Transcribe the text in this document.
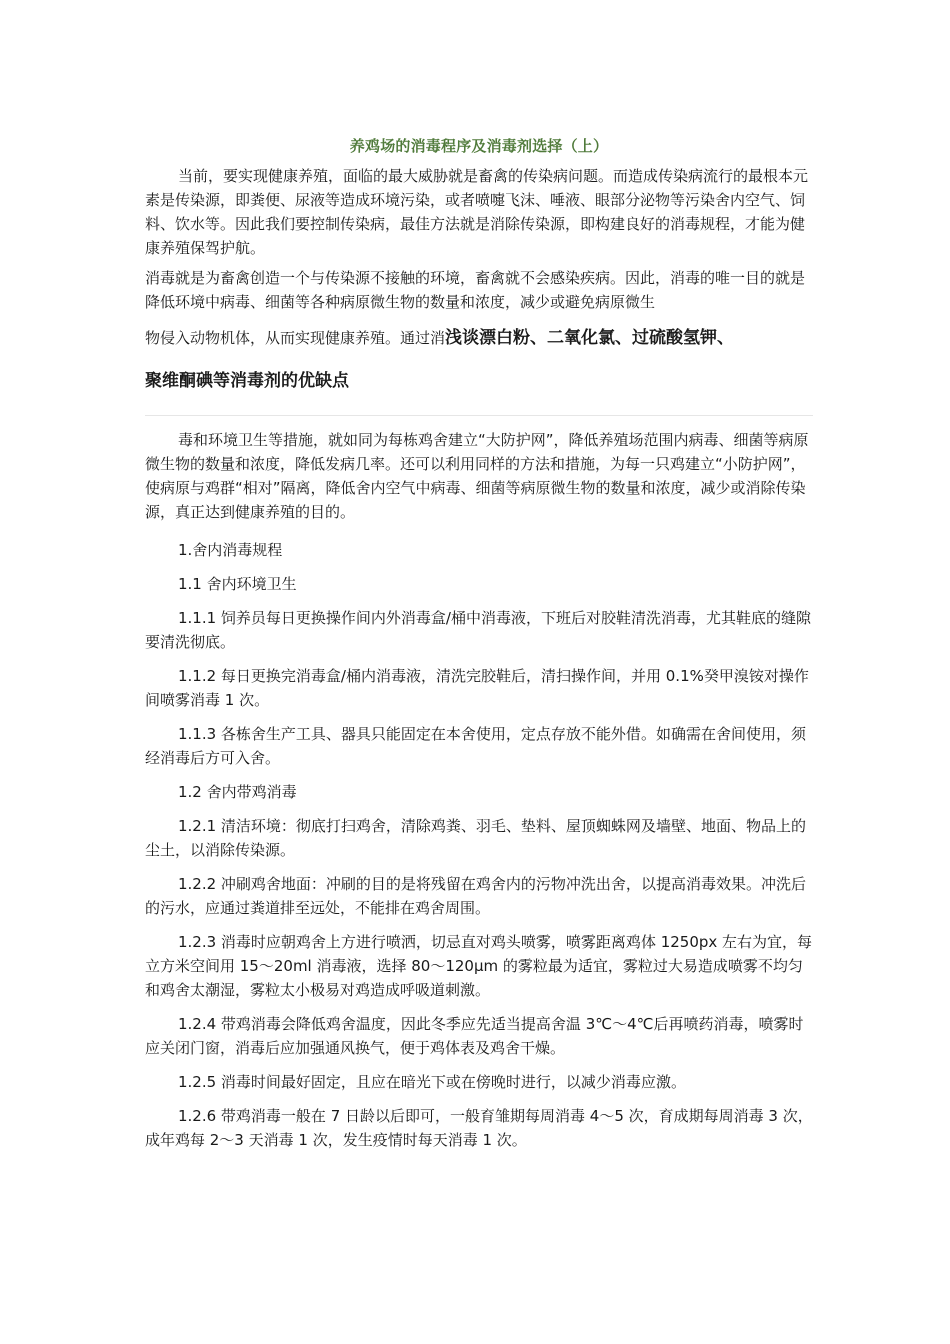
养鸡场的消毒程序及消毒剂选择（上）

当前，要实现健康养殖，面临的最大威胁就是畜禽的传染病问题。而造成传染病流行的最根本元素是传染源，即粪便、尿液等造成环境污染，或者喷嚏飞沫、唾液、眼部分泌物等污染舍内空气、饲料、饮水等。因此我们要控制传染病，最佳方法就是消除传染源，即构建良好的消毒规程，才能为健康养殖保驾护航。

消毒就是为畜禽创造一个与传染源不接触的环境，畜禽就不会感染疾病。因此，消毒的唯一目的就是降低环境中病毒、细菌等各种病原微生物的数量和浓度，减少或避免病原微生

物侵入动物机体，从而实现健康养殖。通过消浅谈漂白粉、二氧化氯、过硫酸氢钾、

聚维酮碘等消毒剂的优缺点

毒和环境卫生等措施，就如同为每栋鸡舍建立“大防护网”，降低养殖场范围内病毒、细菌等病原微生物的数量和浓度，降低发病几率。还可以利用同样的方法和措施，为每一只鸡建立“小防护网”，使病原与鸡群“相对”隔离，降低舍内空气中病毒、细菌等病原微生物的数量和浓度，减少或消除传染源，真正达到健康养殖的目的。

1.舍内消毒规程

1.1 舍内环境卫生

1.1.1 饲养员每日更换操作间内外消毒盒/桶中消毒液，下班后对胶鞋清洗消毒，尤其鞋底的缝隙要清洗彻底。

1.1.2 每日更换完消毒盒/桶内消毒液，清洗完胶鞋后，清扫操作间，并用 0.1%癸甲溴铵对操作间喷雾消毒 1 次。

1.1.3 各栋舍生产工具、器具只能固定在本舍使用，定点存放不能外借。如确需在舍间使用，须经消毒后方可入舍。

1.2 舍内带鸡消毒

1.2.1 清洁环境：彻底打扫鸡舍，清除鸡粪、羽毛、垫料、屋顶蜘蛛网及墙壁、地面、物品上的尘土，以消除传染源。

1.2.2 冲刷鸡舍地面：冲刷的目的是将残留在鸡舍内的污物冲洗出舍，以提高消毒效果。冲洗后的污水，应通过粪道排至远处，不能排在鸡舍周围。

1.2.3 消毒时应朝鸡舍上方进行喷洒，切忌直对鸡头喷雾，喷雾距离鸡体 1250px 左右为宜，每立方米空间用 15～20ml 消毒液，选择 80～120μm 的雾粒最为适宜，雾粒过大易造成喷雾不均匀和鸡舍太潮湿，雾粒太小极易对鸡造成呼吸道刺激。

1.2.4 带鸡消毒会降低鸡舍温度，因此冬季应先适当提高舍温 3℃～4℃后再喷药消毒，喷雾时应关闭门窗，消毒后应加强通风换气，便于鸡体表及鸡舍干燥。

1.2.5 消毒时间最好固定，且应在暗光下或在傍晚时进行，以减少消毒应激。

1.2.6 带鸡消毒一般在 7 日龄以后即可，一般育雏期每周消毒 4～5 次，育成期每周消毒 3 次，成年鸡每 2～3 天消毒 1 次，发生疫情时每天消毒 1 次。
